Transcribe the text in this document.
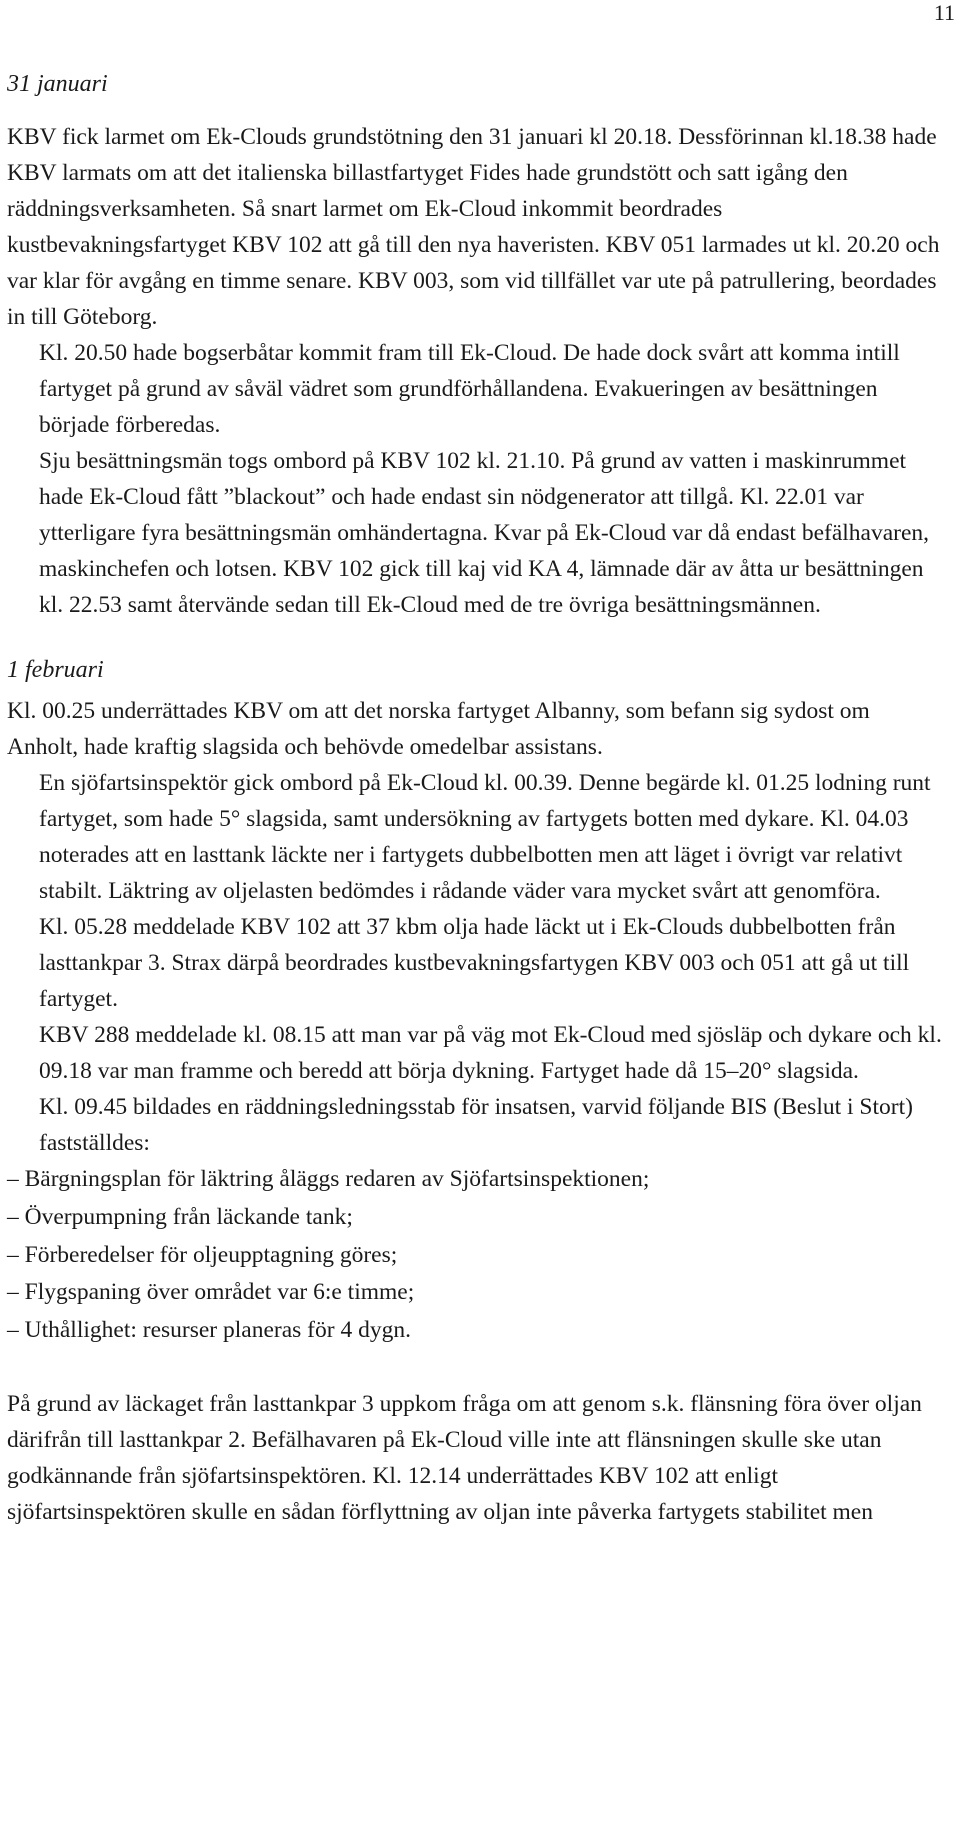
11
31 januari

KBV fick larmet om Ek-Clouds grundstötning den 31 januari kl 20.18. Dessförinnan kl.18.38 hade KBV larmats om att det italienska billastfartyget Fides hade grundstött och satt igång den räddningsverksamheten. Så snart larmet om Ek-Cloud inkommit beordrades kustbevakningsfartyget KBV 102 att gå till den nya haveristen. KBV 051 larmades ut kl. 20.20 och var klar för avgång en timme senare. KBV 003, som vid tillfället var ute på patrullering, beordades in till Göteborg.

Kl. 20.50 hade bogserbåtar kommit fram till Ek-Cloud. De hade dock svårt att komma intill fartyget på grund av såväl vädret som grundförhållandena. Evakueringen av besättningen började förberedas.

Sju besättningsmän togs ombord på KBV 102 kl. 21.10. På grund av vatten i maskinrummet hade Ek-Cloud fått ”blackout” och hade endast sin nödgenerator att tillgå. Kl. 22.01 var ytterligare fyra besättningsmän omhändertagna. Kvar på Ek-Cloud var då endast befälhavaren, maskinchefen och lotsen. KBV 102 gick till kaj vid KA 4, lämnade där av åtta ur besättningen kl. 22.53 samt återvände sedan till Ek-Cloud med de tre övriga besättningsmännen.

1 februari

Kl. 00.25 underrättades KBV om att det norska fartyget Albanny, som befann sig sydost om Anholt, hade kraftig slagsida och behövde omedelbar assistans.

En sjöfartsinspektör gick ombord på Ek-Cloud kl. 00.39. Denne begärde kl. 01.25 lodning runt fartyget, som hade 5° slagsida, samt undersökning av fartygets botten med dykare. Kl. 04.03 noterades att en lasttank läckte ner i fartygets dubbelbotten men att läget i övrigt var relativt stabilt. Läktring av oljelasten bedömdes i rådande väder vara mycket svårt att genomföra.

Kl. 05.28 meddelade KBV 102 att 37 kbm olja hade läckt ut i Ek-Clouds dubbelbotten från lasttankpar 3. Strax därpå beordrades kustbevakningsfartygen KBV 003 och 051 att gå ut till fartyget.

KBV 288 meddelade kl. 08.15 att man var på väg mot Ek-Cloud med sjösläp och dykare och kl. 09.18 var man framme och beredd att börja dykning. Fartyget hade då 15–20° slagsida.

Kl. 09.45 bildades en räddningsledningsstab för insatsen, varvid följande BIS (Beslut i Stort) fastställdes:

– Bärgningsplan för läktring åläggs redaren av Sjöfartsinspektionen;
– Överpumpning från läckande tank;
– Förberedelser för oljeupptagning göres;
– Flygspaning över området var 6:e timme;
– Uthållighet: resurser planeras för 4 dygn.

På grund av läckaget från lasttankpar 3 uppkom fråga om att genom s.k. flänsning föra över oljan därifrån till lasttankpar 2. Befälhavaren på Ek-Cloud ville inte att flänsningen skulle ske utan godkännande från sjöfartsinspektören. Kl. 12.14 underrättades KBV 102 att enligt sjöfartsinspektören skulle en sådan förflyttning av oljan inte påverka fartygets stabilitet men
